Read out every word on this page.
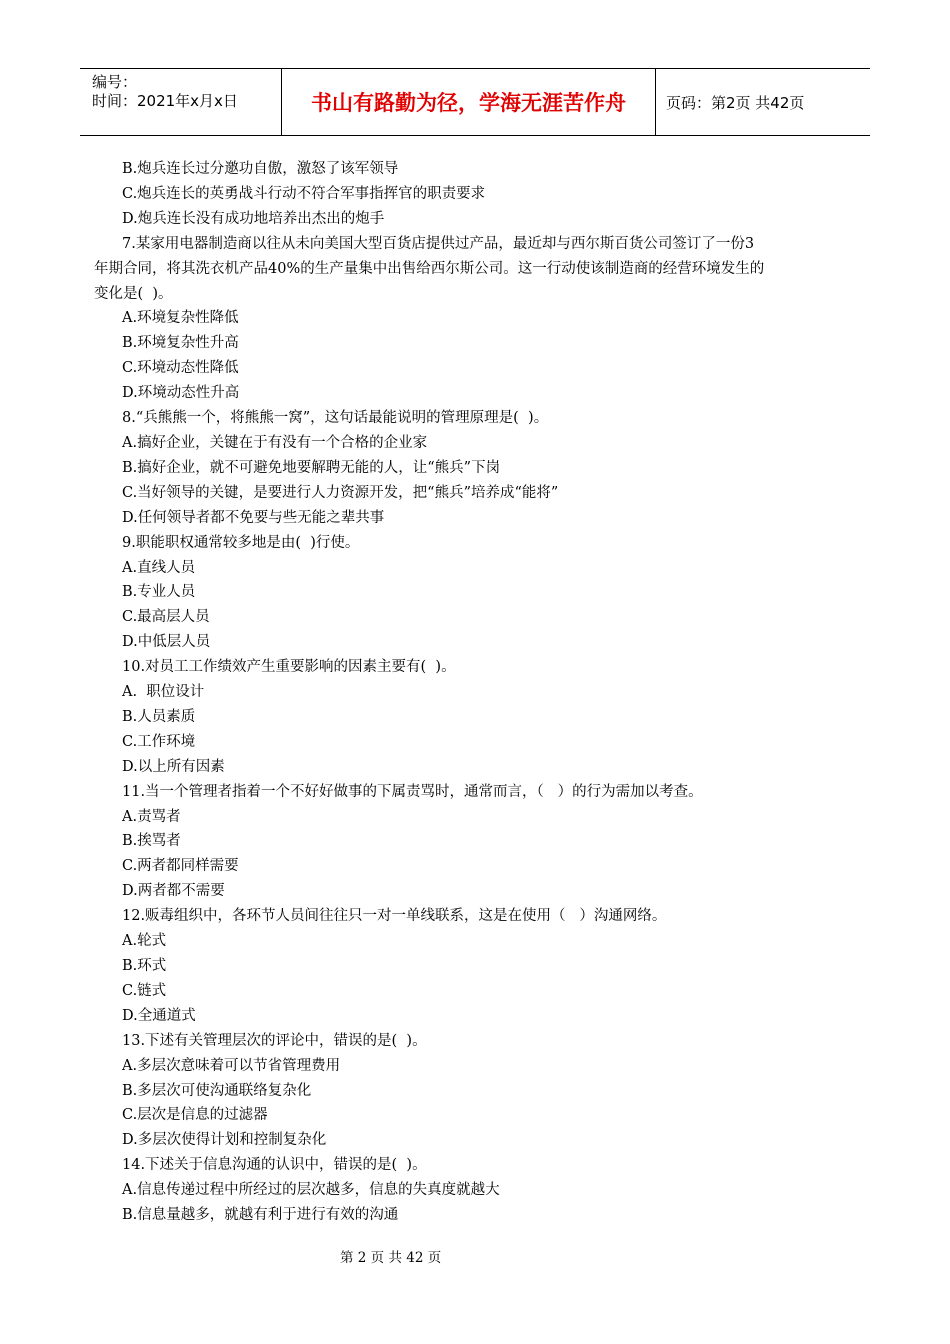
编号：
时间：2021年x月x日	书山有路勤为径，学海无涯苦作舟	页码：第2页 共42页
B.炮兵连长过分邀功自傲，激怒了该军领导
C.炮兵连长的英勇战斗行动不符合军事指挥官的职责要求
D.炮兵连长没有成功地培养出杰出的炮手
7.某家用电器制造商以往从未向美国大型百货店提供过产品，最近却与西尔斯百货公司签订了一份3
年期合同，将其洗衣机产品40%的生产量集中出售给西尔斯公司。这一行动使该制造商的经营环境发生的
变化是(  )。
A.环境复杂性降低
B.环境复杂性升高
C.环境动态性降低
D.环境动态性升高
8.“兵熊熊一个，将熊熊一窝”，这句话最能说明的管理原理是(  )。
A.搞好企业，关键在于有没有一个合格的企业家
B.搞好企业，就不可避免地要解聘无能的人，让“熊兵”下岗
C.当好领导的关键，是要进行人力资源开发，把“熊兵”培养成“能将”
D.任何领导者都不免要与些无能之辈共事
9.职能职权通常较多地是由(  )行使。
A.直线人员
B.专业人员
C.最高层人员
D.中低层人员
10.对员工工作绩效产生重要影响的因素主要有(  )。
A.  职位设计
B.人员素质
C.工作环境
D.以上所有因素
11.当一个管理者指着一个不好好做事的下属责骂时，通常而言，（   ）的行为需加以考查。
A.责骂者
B.挨骂者
C.两者都同样需要
D.两者都不需要
12.贩毒组织中，各环节人员间往往只一对一单线联系，这是在使用（   ）沟通网络。
A.轮式
B.环式
C.链式
D.全通道式
13.下述有关管理层次的评论中，错误的是(  )。
A.多层次意味着可以节省管理费用
B.多层次可使沟通联络复杂化
C.层次是信息的过滤器
D.多层次使得计划和控制复杂化
14.下述关于信息沟通的认识中，错误的是(  )。
A.信息传递过程中所经过的层次越多，信息的失真度就越大
B.信息量越多，就越有利于进行有效的沟通
第 2 页 共 42 页
